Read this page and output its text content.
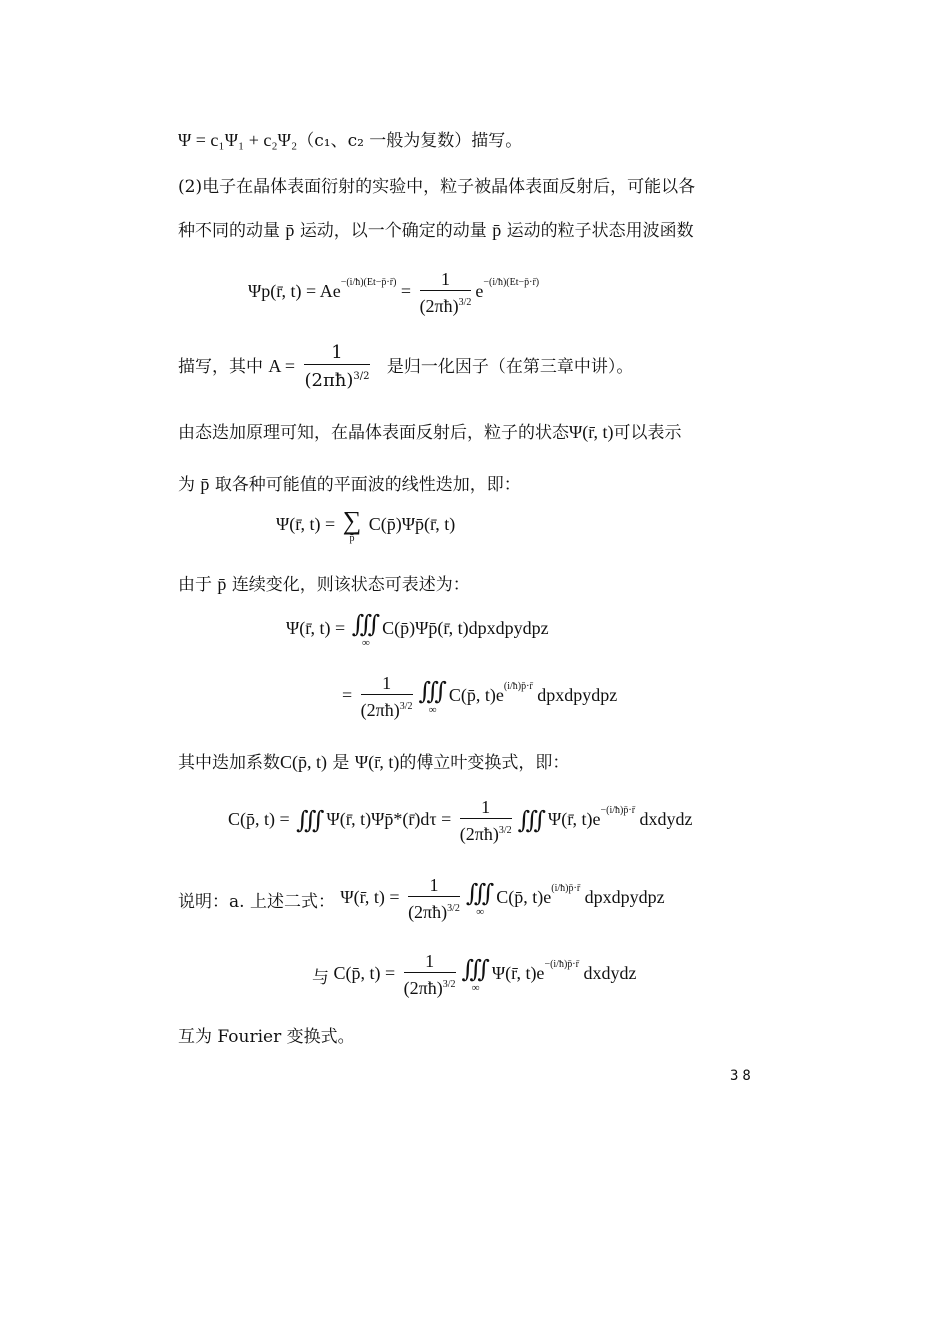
Ψ = c₁Ψ₁ + c₂Ψ₂（c₁、c₂ 一般为复数）描写。
(2)电子在晶体表面衍射的实验中，粒子被晶体表面反射后，可能以各
种不同的动量 p̄ 运动，以一个确定的动量 p̄ 运动的粒子状态用波函数
Ψp(r̄, t) = Ae−(i/ħ)(Et−p̄·r̄) = $\frac{1}{(2\pi ħ)^{3/2}}$ e−(i/ħ)(Et−p̄·r̄)
描写，其中 $A = \frac{1}{(2\pi ħ)^{3/2}}$ 是归一化因子（在第三章中讲）。
由态迭加原理可知，在晶体表面反射后，粒子的状态Ψ(r̄, t)可以表示
为 p̄ 取各种可能值的平面波的线性迭加，即：
Ψ(r̄, t) = ∑
p̄
C(p̄)Ψp̄(r̄, t)
由于 p̄ 连续变化，则该状态可表述为：
Ψ(r̄, t) = ∭
∞
C(p̄)Ψp̄(r̄, t)dpxdpydpz
= $\frac{1}{(2\pi ħ)^{3/2}}$ ∭
∞
C(p̄, t)e(i/ħ)p̄·r̄ dpxdpydpz
其中迭加系数C(p̄, t) 是 Ψ(r̄, t)的傅立叶变换式，即：
C(p̄, t) = ∭ Ψ(r̄, t)Ψp̄*(r̄)dτ = $\frac{1}{(2\pi ħ)^{3/2}}$ ∭ Ψ(r̄, t)e−(i/ħ)p̄·r̄ dxdydz
说明：a. 上述二式： Ψ(r̄, $t) = \frac{1}{(2\pi ħ)^{3/2}}$ ∭
∞
C(p̄, t)e(i/ħ)p̄·r̄ dpxdpydpz
与 C(p̄, $t) = \frac{1}{(2\pi ħ)^{3/2}}$ ∭
∞
Ψ(r̄, t)e−(i/ħ)p̄·r̄ dxdydz
互为 Fourier 变换式。
38
